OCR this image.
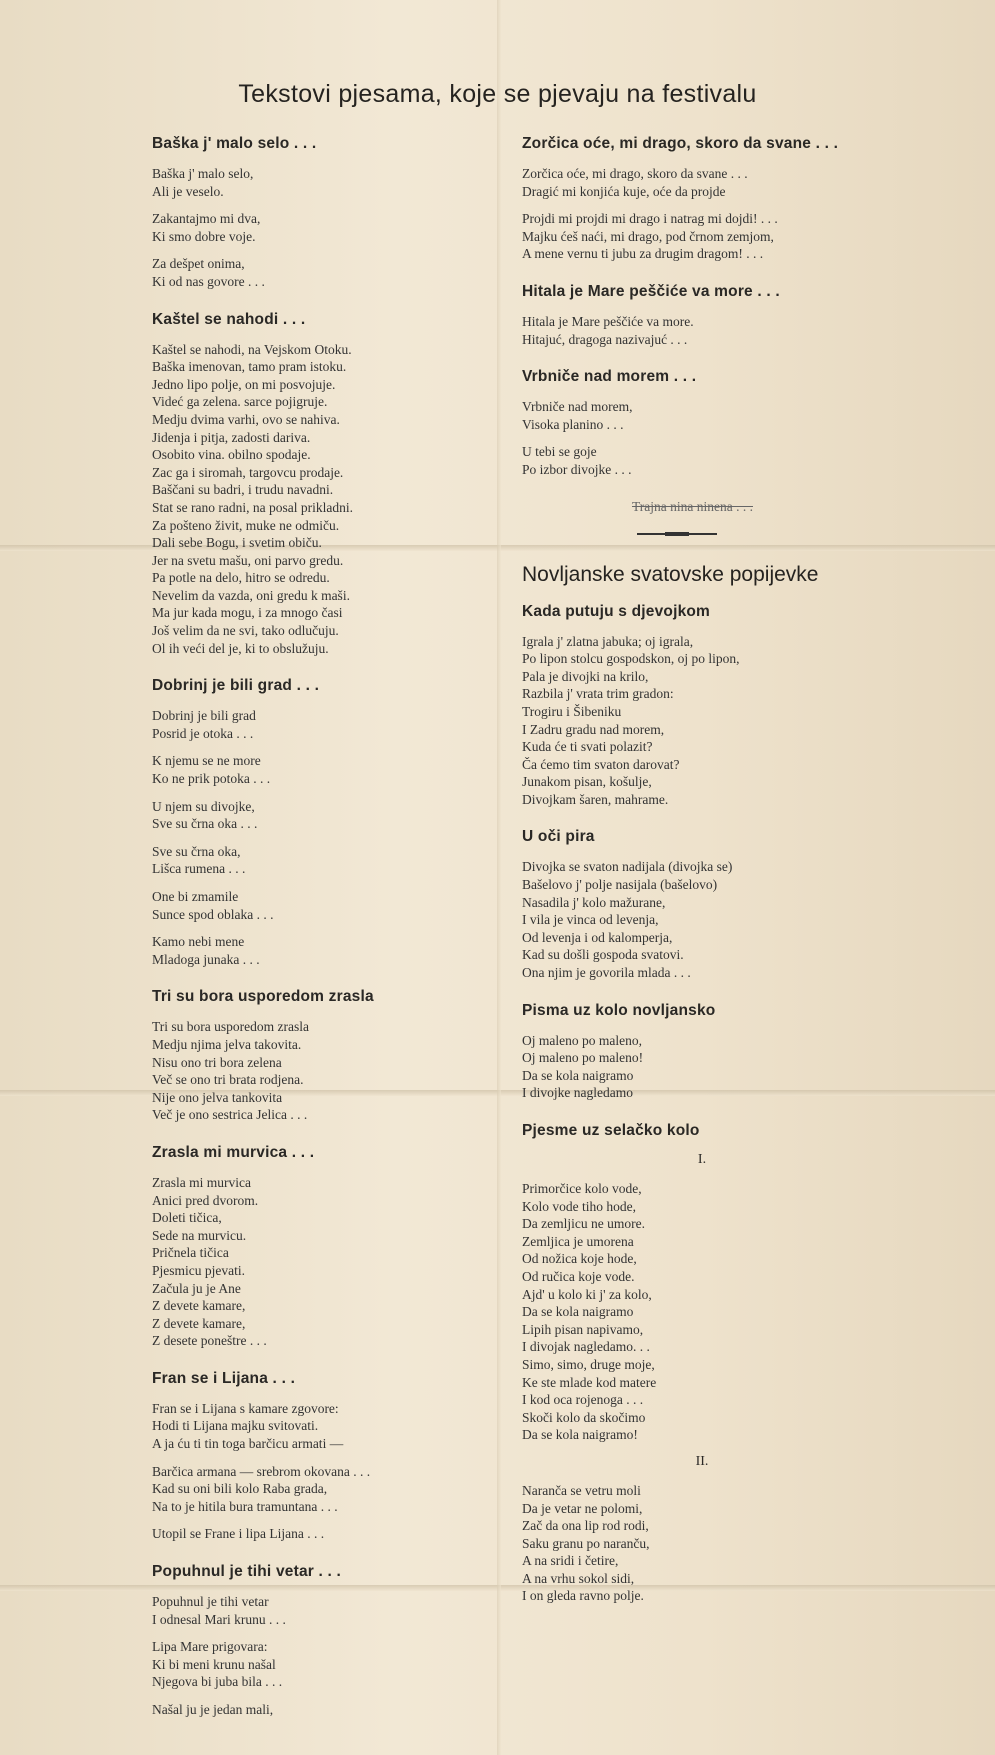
Tekstovi pjesama, koje se pjevaju na festivalu
Baška j' malo selo . . .
Baška j' malo selo,
Ali je veselo.
Zakantajmo mi dva,
Ki smo dobre voje.
Za dešpet onima,
Ki od nas govore . . .
Kaštel se nahodi . . .
Kaštel se nahodi, na Vejskom Otoku.
Baška imenovan, tamo pram istoku.
Jedno lipo polje, on mi posvojuje.
Videć ga zelena. sarce pojigruje.
Medju dvima varhi, ovo se nahiva.
Jidenja i pitja, zadosti dariva.
Osobito vina. obilno spodaje.
Zac ga i siromah, targovcu prodaje.
Baščani su badri, i trudu navadni.
Stat se rano radni, na posal prikladni.
Za pošteno živit, muke ne odmiču.
Dali sebe Bogu, i svetim običu.
Jer na svetu mašu, oni parvo gredu.
Pa potle na delo, hitro se odredu.
Nevelim da vazda, oni gredu k maši.
Ma jur kada mogu, i za mnogo časi
Još velim da ne svi, tako odlučuju.
Ol ih veći del je, ki to obslužuju.
Dobrinj je bili grad . . .
Dobrinj je bili grad
Posrid je otoka . . .
K njemu se ne more
Ko ne prik potoka . . .
U njem su divojke,
Sve su črna oka . . .
Sve su črna oka,
Lišca rumena . . .
One bi zmamile
Sunce spod oblaka . . .
Kamo nebi mene
Mladoga junaka . . .
Tri su bora usporedom zrasla
Tri su bora usporedom zrasla
Medju njima jelva takovita.
Nisu ono tri bora zelena
Več se ono tri brata rodjena.
Nije ono jelva tankovita
Več je ono sestrica Jelica . . .
Zrasla mi murvica . . .
Zrasla mi murvica
Anici pred dvorom.
Doleti tičica,
Sede na murvicu.
Pričnela tičica
Pjesmicu pjevati.
Začula ju je Ane
Z devete kamare,
Z devete kamare,
Z desete poneštre . . .
Fran se i Lijana . . .
Fran se i Lijana s kamare zgovore:
Hodi ti Lijana majku svitovati.
A ja ću ti tin toga barčicu armati —
Barčica armana — srebrom okovana . . .
Kad su oni bili kolo Raba grada,
Na to je hitila bura tramuntana . . .
Utopil se Frane i lipa Lijana . . .
Popuhnul je tihi vetar . . .
Popuhnul je tihi vetar
I odnesal Mari krunu . . .
Lipa Mare prigovara:
Ki bi meni krunu našal
Njegova bi juba bila . . .
Našal ju je jedan mali,
Zorčica oće, mi drago, skoro da svane . . .
Zorčica oće, mi drago, skoro da svane . . .
Dragić mi konjića kuje, oće da projde
Projdi mi projdi mi drago i natrag mi dojdi! . . .
Majku ćeš naći, mi drago, pod črnom zemjom,
A mene vernu ti jubu za drugim dragom! . . .
Hitala je Mare peščiće va more . . .
Hitala je Mare peščiće va more.
Hitajuć, dragoga nazivajuć . . .
Vrbniče nad morem . . .
Vrbniče nad morem,
Visoka planino . . .
U tebi se goje
Po izbor divojke . . .
Trajna nina ninena . . .
Novljanske svatovske popijevke
Kada putuju s djevojkom
Igrala j' zlatna jabuka; oj igrala,
Po lipon stolcu gospodskon, oj po lipon,
Pala je divojki na krilo,
Razbila j' vrata trim gradon:
Trogiru i Šibeniku
I Zadru gradu nad morem,
Kuda će ti svati polazit?
Ča ćemo tim svaton darovat?
Junakom pisan, košulje,
Divojkam šaren, mahrame.
U oči pira
Divojka se svaton nadijala (divojka se)
Bašelovo j' polje nasijala (bašelovo)
Nasadila j' kolo mažurane,
I vila je vinca od levenja,
Od levenja i od kalomperja,
Kad su došli gospoda svatovi.
Ona njim je govorila mlada . . .
Pisma uz kolo novljansko
Oj maleno po maleno,
Oj maleno po maleno!
Da se kola naigramo
I divojke nagledamo
Pjesme uz selačko kolo
I.
Primorčice kolo vode,
Kolo vode tiho hode,
Da zemljicu ne umore.
Zemljica je umorena
Od nožica koje hode,
Od ručica koje vode.
Ajd' u kolo ki j' za kolo,
Da se kola naigramo
Lipih pisan napivamo,
I divojak nagledamo. . .
Simo, simo, druge moje,
Ke ste mlade kod matere
I kod oca rojenoga . . .
Skoči kolo da skočimo
Da se kola naigramo!
II.
Naranča se vetru moli
Da je vetar ne polomi,
Zač da ona lip rod rodi,
Saku granu po naranču,
A na sridi i četire,
A na vrhu sokol sidi,
I on gleda ravno polje.
